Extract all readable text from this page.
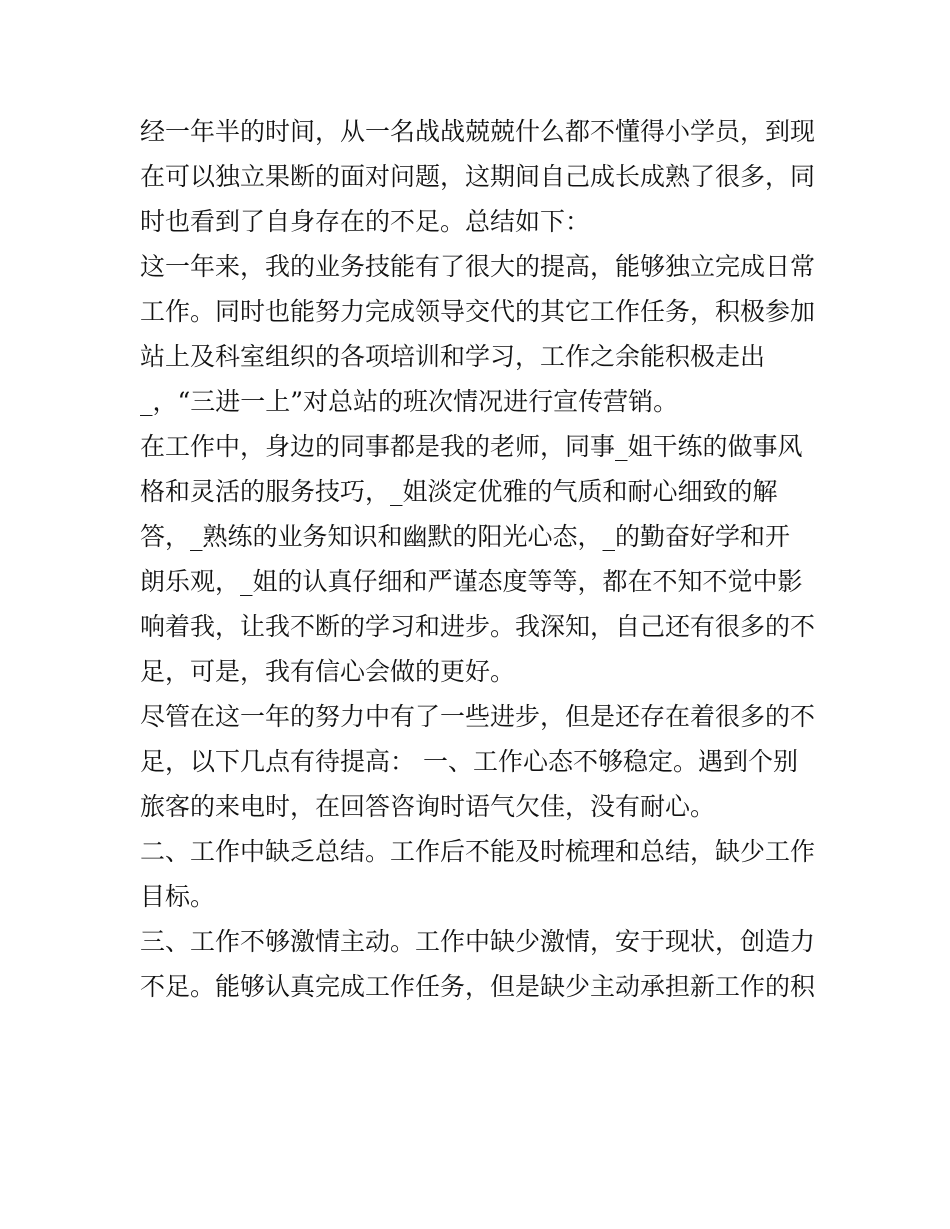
经一年半的时间，从一名战战兢兢什么都不懂得小学员，到现
在可以独立果断的面对问题，这期间自己成长成熟了很多，同
时也看到了自身存在的不足。总结如下：
这一年来，我的业务技能有了很大的提高，能够独立完成日常
工作。同时也能努力完成领导交代的其它工作任务，积极参加
站上及科室组织的各项培训和学习，工作之余能积极走出
_，“三进一上”对总站的班次情况进行宣传营销。
在工作中，身边的同事都是我的老师，同事_姐干练的做事风
格和灵活的服务技巧，_姐淡定优雅的气质和耐心细致的解
答，_熟练的业务知识和幽默的阳光心态，_的勤奋好学和开
朗乐观，_姐的认真仔细和严谨态度等等，都在不知不觉中影
响着我，让我不断的学习和进步。我深知，自己还有很多的不
足，可是，我有信心会做的更好。
尽管在这一年的努力中有了一些进步，但是还存在着很多的不
足，以下几点有待提高： 一、工作心态不够稳定。遇到个别
旅客的来电时，在回答咨询时语气欠佳，没有耐心。
二、工作中缺乏总结。工作后不能及时梳理和总结，缺少工作
目标。
三、工作不够激情主动。工作中缺少激情，安于现状，创造力
不足。能够认真完成工作任务，但是缺少主动承担新工作的积
